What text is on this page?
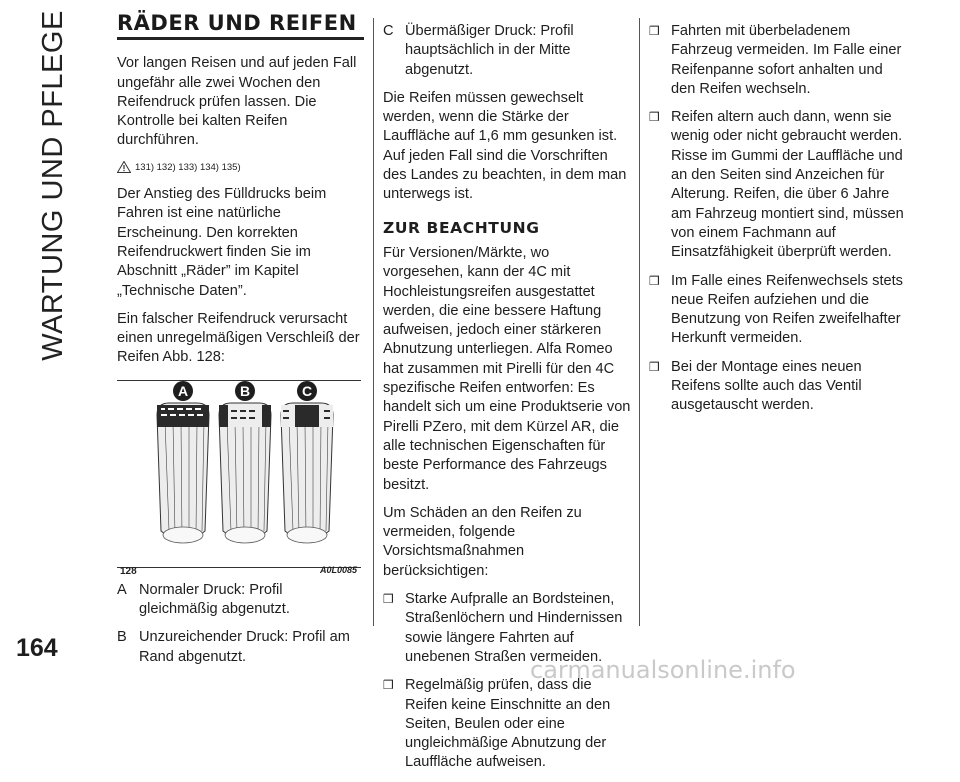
WARTUNG UND PFLEGE
164
carmanualsonline.info
RÄDER UND REIFEN

Vor langen Reisen und auf jeden Fall ungefähr alle zwei Wochen den Reifendruck prüfen lassen. Die Kontrolle bei kalten Reifen durchführen.

131) 132) 133) 134) 135)

Der Anstieg des Fülldrucks beim Fahren ist eine natürliche Erscheinung. Den korrekten Reifendruckwert finden Sie im Abschnitt „Räder” im Kapitel „Technische Daten”.

Ein falscher Reifendruck verursacht einen unregelmäßigen Verschleiß der Reifen Abb. 128:

A	B	C
128	A0L0085
A Normaler Druck: Profil gleichmäßig abgenutzt.
B Unzureichender Druck: Profil am Rand abgenutzt.
C Übermäßiger Druck: Profil hauptsächlich in der Mitte abgenutzt.

Die Reifen müssen gewechselt werden, wenn die Stärke der Lauffläche auf 1,6 mm gesunken ist. Auf jeden Fall sind die Vorschriften des Landes zu beachten, in dem man unterwegs ist.

ZUR BEACHTUNG

Für Versionen/Märkte, wo vorgesehen, kann der 4C mit Hochleistungsreifen ausgestattet werden, die eine bessere Haftung aufweisen, jedoch einer stärkeren Abnutzung unterliegen. Alfa Romeo hat zusammen mit Pirelli für den 4C spezifische Reifen entworfen: Es handelt sich um eine Produktserie von Pirelli PZero, mit dem Kürzel AR, die alle technischen Eigenschaften für beste Performance des Fahrzeugs besitzt.

Um Schäden an den Reifen zu vermeiden, folgende Vorsichtsmaßnahmen berücksichtigen:

❒ Starke Aufpralle an Bordsteinen, Straßenlöchern und Hindernissen sowie längere Fahrten auf unebenen Straßen vermeiden.
❒ Regelmäßig prüfen, dass die Reifen keine Einschnitte an den Seiten, Beulen oder eine ungleichmäßige Abnutzung der Lauffläche aufweisen.
❒ Fahrten mit überbeladenem Fahrzeug vermeiden. Im Falle einer Reifenpanne sofort anhalten und den Reifen wechseln.
❒ Reifen altern auch dann, wenn sie wenig oder nicht gebraucht werden. Risse im Gummi der Lauffläche und an den Seiten sind Anzeichen für Alterung. Reifen, die über 6 Jahre am Fahrzeug montiert sind, müssen von einem Fachmann auf Einsatzfähigkeit überprüft werden.
❒ Im Falle eines Reifenwechsels stets neue Reifen aufziehen und die Benutzung von Reifen zweifelhafter Herkunft vermeiden.
❒ Bei der Montage eines neuen Reifens sollte auch das Ventil ausgetauscht werden.
